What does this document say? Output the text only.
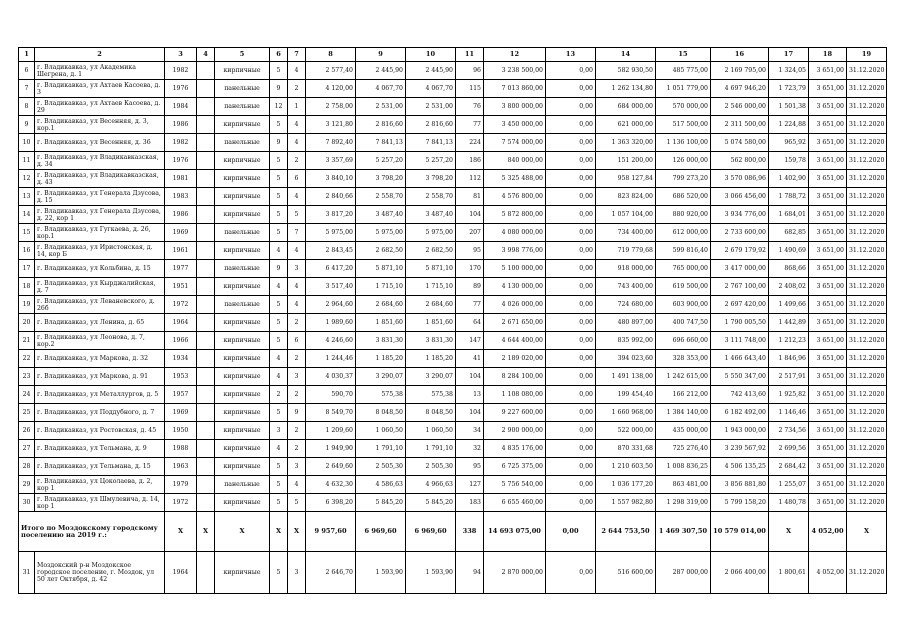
1	2	3	4	5	6	7	8	9	10	11	12	13	14	15	16	17	18	19
6	г. Владикавказ, ул Академика Шегрена, д. 1	1982		кирпичные	5	4	2 577,40	2 445,90	2 445,90	96	3 238 500,00	0,00	582 930,50	485 775,00	2 169 795,00	1 324,05	3 651,00	31.12.2020
7	г. Владикавказ, ул Ахтаев Касоева, д. 3	1976		панельные	9	2	4 120,00	4 067,70	4 067,70	115	7 013 860,00	0,00	1 262 134,80	1 051 779,00	4 697 946,20	1 723,79	3 651,00	31.12.2020
8	г. Владикавказ, ул Ахтаев Касоева, д. 29	1984		панельные	12	1	2 758,00	2 531,00	2 531,00	76	3 800 000,00	0,00	684 000,00	570 000,00	2 546 000,00	1 501,38	3 651,00	31.12.2020
9	г. Владикавказ, ул Весенняя, д. 3, кор.1	1986		кирпичные	5	4	3 121,80	2 816,60	2 816,60	77	3 450 000,00	0,00	621 000,00	517 500,00	2 311 500,00	1 224,88	3 651,00	31.12.2020
10	г. Владикавказ, ул Весенняя, д. 36	1982		панельные	9	4	7 892,40	7 841,13	7 841,13	224	7 574 000,00	0,00	1 363 320,00	1 136 100,00	5 074 580,00	965,92	3 651,00	31.12.2020
11	г. Владикавказ, ул Владикавказская, д. 34	1976		кирпичные	5	2	3 357,69	5 257,20	5 257,20	186	840 000,00	0,00	151 200,00	126 000,00	562 800,00	159,78	3 651,00	31.12.2020
12	г. Владикавказ, ул Владикавказская, д. 43	1981		кирпичные	5	6	3 840,10	3 798,20	3 798,20	112	5 325 488,00	0,00	958 127,84	799 273,20	3 570 086,96	1 402,90	3 651,00	31.12.2020
13	г. Владикавказ, ул Генерала Дзусова, д. 15	1983		кирпичные	5	4	2 840,66	2 558,70	2 558,70	81	4 576 800,00	0,00	823 824,00	686 520,00	3 066 456,00	1 788,72	3 651,00	31.12.2020
14	г. Владикавказ, ул Генерала Дзусова, д. 22, кор 1	1986		кирпичные	5	5	3 817,20	3 487,40	3 487,40	104	5 872 800,00	0,00	1 057 104,00	880 920,00	3 934 776,00	1 684,01	3 651,00	31.12.2020
15	г. Владикавказ, ул Гугкаева, д. 26, кор.1	1969		панельные	5	7	5 975,00	5 975,00	5 975,00	207	4 080 000,00	0,00	734 400,00	612 000,00	2 733 600,00	682,85	3 651,00	31.12.2020
16	г. Владикавказ, ул Иристонская, д. 14, кор Б	1961		кирпичные	4	4	2 843,45	2 682,50	2 682,50	95	3 998 776,00	0,00	719 779,68	599 816,40	2 679 179,92	1 490,69	3 651,00	31.12.2020
17	г. Владикавказ, ул Кольбина, д. 15	1977		панельные	9	3	6 417,20	5 871,10	5 871,10	170	5 100 000,00	0,00	918 000,00	765 000,00	3 417 000,00	868,66	3 651,00	31.12.2020
18	г. Владикавказ, ул Кырджалийская, д. 7	1951		кирпичные	4	4	3 517,40	1 715,10	1 715,10	89	4 130 000,00	0,00	743 400,00	619 500,00	2 767 100,00	2 408,02	3 651,00	31.12.2020
19	г. Владикавказ, ул Леваневского, д. 26б	1972		панельные	5	4	2 964,60	2 684,60	2 684,60	77	4 026 000,00	0,00	724 680,00	603 900,00	2 697 420,00	1 499,66	3 651,00	31.12.2020
20	г. Владикавказ, ул Ленина, д. 65	1964		кирпичные	5	2	1 989,60	1 851,60	1 851,60	64	2 671 650,00	0,00	480 897,00	400 747,50	1 790 005,50	1 442,89	3 651,00	31.12.2020
21	г. Владикавказ, ул Леонова, д. 7, кор.2	1966		кирпичные	5	6	4 246,60	3 831,30	3 831,30	147	4 644 400,00	0,00	835 992,00	696 660,00	3 111 748,00	1 212,23	3 651,00	31.12.2020
22	г. Владикавказ, ул Маркова, д. 32	1934		кирпичные	4	2	1 244,46	1 185,20	1 185,20	41	2 189 020,00	0,00	394 023,60	328 353,00	1 466 643,40	1 846,96	3 651,00	31.12.2020
23	г. Владикавказ, ул Маркова, д. 91	1953		кирпичные	4	3	4 030,37	3 290,07	3 290,07	104	8 284 100,00	0,00	1 491 138,00	1 242 615,00	5 550 347,00	2 517,91	3 651,00	31.12.2020
24	г. Владикавказ, ул Металлургов, д. 5	1957		кирпичные	2	2	590,70	575,38	575,38	13	1 108 080,00	0,00	199 454,40	166 212,00	742 413,60	1 925,82	3 651,00	31.12.2020
25	г. Владикавказ, ул Поддубного, д. 7	1969		кирпичные	5	9	8 549,70	8 048,50	8 048,50	104	9 227 600,00	0,00	1 660 968,00	1 384 140,00	6 182 492,00	1 146,46	3 651,00	31.12.2020
26	г. Владикавказ, ул Ростовская, д. 45	1950		кирпичные	3	2	1 209,60	1 060,50	1 060,50	34	2 900 000,00	0,00	522 000,00	435 000,00	1 943 000,00	2 734,56	3 651,00	31.12.2020
27	г. Владикавказ, ул Тельмана, д. 9	1988		кирпичные	4	2	1 949,90	1 791,10	1 791,10	32	4 835 176,00	0,00	870 331,68	725 276,40	3 239 567,92	2 699,56	3 651,00	31.12.2020
28	г. Владикавказ, ул Тельмана, д. 15	1963		кирпичные	5	3	2 649,60	2 505,30	2 505,30	95	6 725 375,00	0,00	1 210 603,50	1 008 836,25	4 506 135,25	2 684,42	3 651,00	31.12.2020
29	г. Владикавказ, ул Цоколаева, д. 2, кор 1	1979		панельные	5	4	4 632,30	4 586,63	4 966,63	127	5 756 540,00	0,00	1 036 177,20	863 481,00	3 856 881,80	1 255,07	3 651,00	31.12.2020
30	г. Владикавказ, ул Шмулевича, д. 14, кор 1	1972		кирпичные	5	5	6 398,20	5 845,20	5 845,20	183	6 655 460,00	0,00	1 557 982,80	1 298 319,00	5 799 158,20	1 480,78	3 651,00	31.12.2020
Итого по Моздокскому городскому поселению на 2019 г.:		X	X	X	X	X	9 957,60	6 969,60	6 969,60	338	14 693 075,00	0,00	2 644 753,50	1 469 307,50	10 579 014,00	X	4 052,00	X
31	Моздокский р-н Моздокское городское поселение, г. Моздок, ул 50 лет Октября, д. 42	1964		кирпичные	5	3	2 646,70	1 593,90	1 593,90	94	2 870 000,00	0,00	516 600,00	287 000,00	2 066 400,00	1 800,61	4 052,00	31.12.2020
